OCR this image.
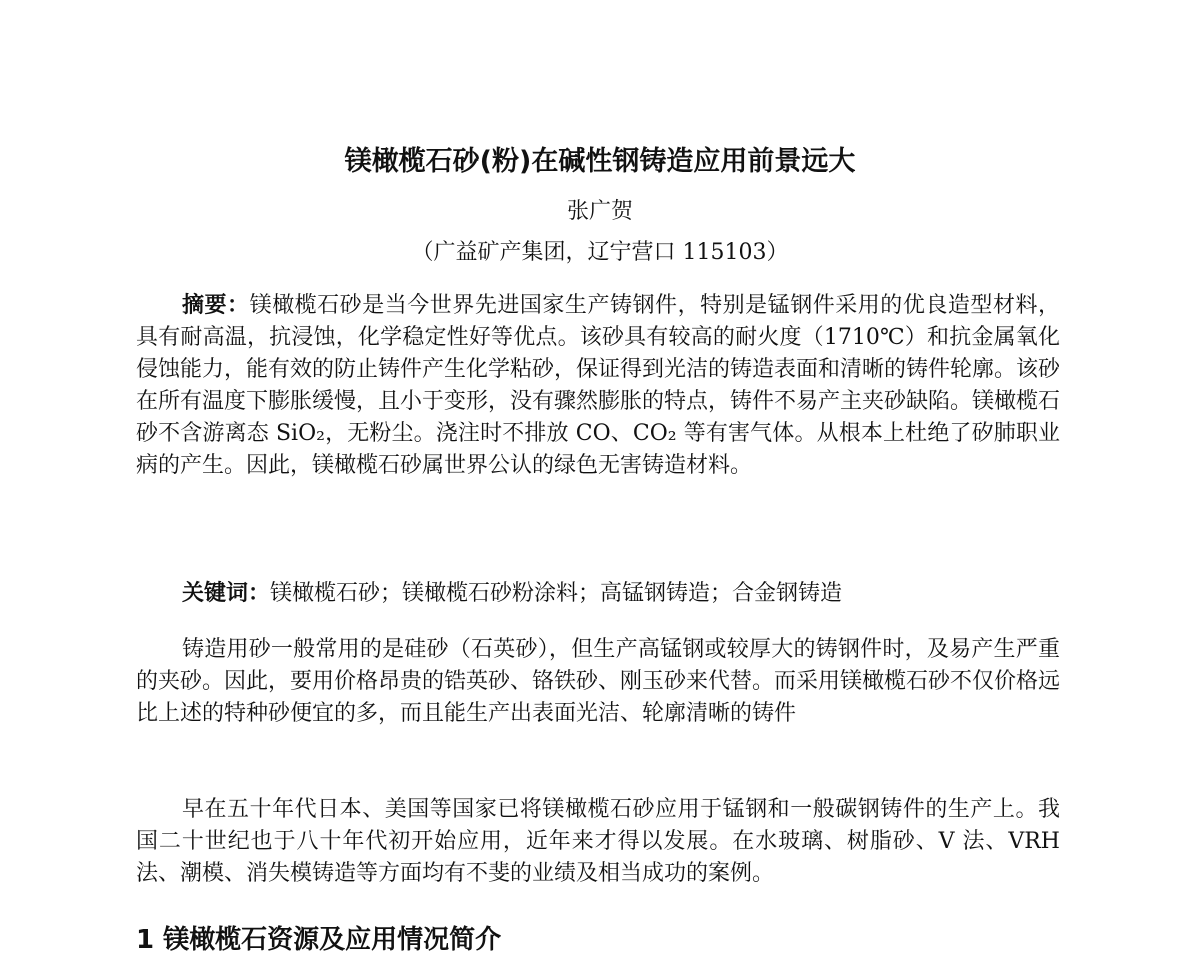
镁橄榄石砂(粉)在碱性钢铸造应用前景远大
张广贺
（广益矿产集团，辽宁营口 115103）

摘要：镁橄榄石砂是当今世界先进国家生产铸钢件，特别是锰钢件采用的优良造型材料，具有耐高温，抗浸蚀，化学稳定性好等优点。该砂具有较高的耐火度（1710℃）和抗金属氧化侵蚀能力，能有效的防止铸件产生化学粘砂，保证得到光洁的铸造表面和清晰的铸件轮廓。该砂在所有温度下膨胀缓慢，且小于变形，没有骤然膨胀的特点，铸件不易产主夹砂缺陷。镁橄榄石砂不含游离态 SiO₂，无粉尘。浇注时不排放 CO、CO₂ 等有害气体。从根本上杜绝了矽肺职业病的产生。因此，镁橄榄石砂属世界公认的绿色无害铸造材料。

关键词：镁橄榄石砂；镁橄榄石砂粉涂料；高锰钢铸造；合金钢铸造

铸造用砂一般常用的是硅砂（石英砂），但生产高锰钢或较厚大的铸钢件时，及易产生严重的夹砂。因此，要用价格昂贵的锆英砂、铬铁砂、刚玉砂来代替。而采用镁橄榄石砂不仅价格远比上述的特种砂便宜的多，而且能生产出表面光洁、轮廓清晰的铸件

早在五十年代日本、美国等国家已将镁橄榄石砂应用于锰钢和一般碳钢铸件的生产上。我国二十世纪也于八十年代初开始应用，近年来才得以发展。在水玻璃、树脂砂、V 法、VRH 法、潮模、消失模铸造等方面均有不斐的业绩及相当成功的案例。

1 镁橄榄石资源及应用情况简介
